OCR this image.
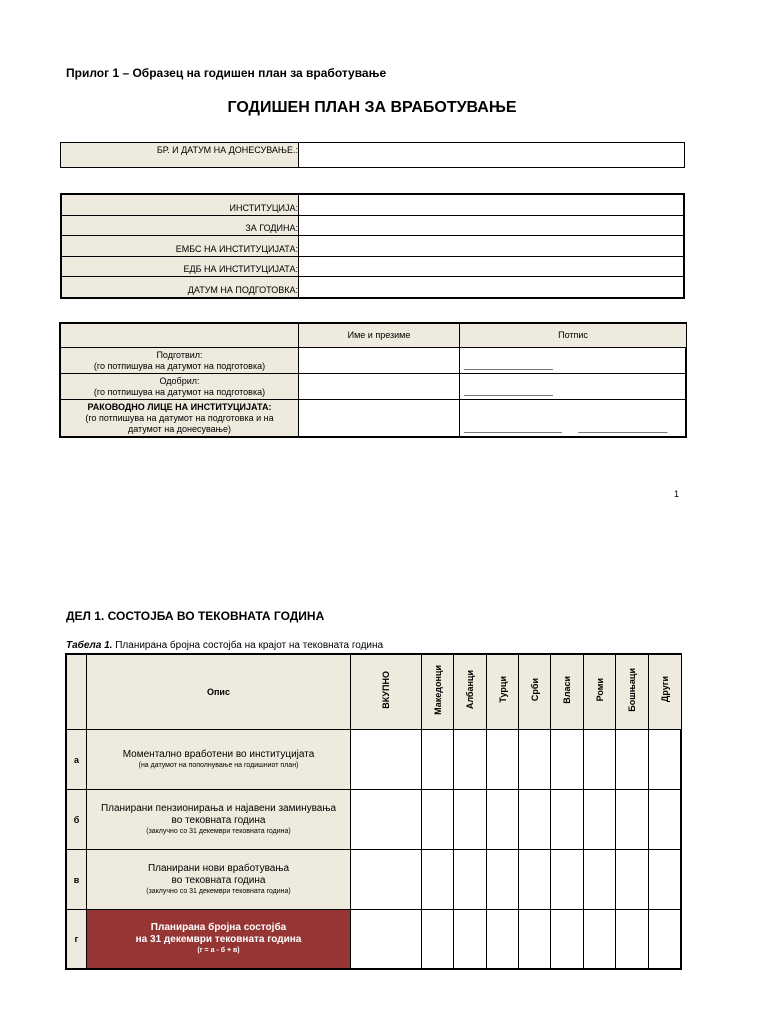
Прилог 1 – Образец на годишен план за вработување
ГОДИШЕН ПЛАН ЗА ВРАБОТУВАЊЕ
БР. И ДАТУМ НА ДОНЕСУВАЊЕ.:	
ИНСТИТУЦИЈА:	
ЗА ГОДИНА:	
ЕМБС НА ИНСТИТУЦИЈАТА:	
ЕДБ НА ИНСТИТУЦИЈАТА:	
ДАТУМ НА ПОДГОТОВКА:	
	Име и презиме	Потпис

Подготвил:
(го потпишува на датумот на подготовка)		____________________

Одобрил:
(го потпишува на датумот на подготовка)		____________________

РАКОВОДНО ЛИЦЕ НА ИНСТИТУЦИЈАТА:
(го потпишува на датумот на подготовка и на датумот на донесување)		______________________ ____________________
1
ДЕЛ 1. СОСТОЈБА ВО ТЕКОВНАТА ГОДИНА
Табела 1. Планирана бројна состојба на крајот на тековната година
	Опис	ВКУПНО	Македонци	Албанци	Турци	Срби	Власи	Роми	Бошњаци	Други
а	Моментално вработени во институцијата
(на датумот на пополнување на годишниот план)									

б	Планирани пензионирања и најавени заминувања
во тековната година
(заклучно со 31 декември тековната година)									

в	Планирани нови вработувања
во тековната година
(заклучно со 31 декември тековната година)									

г	Планирана бројна состојба
на 31 декември тековната година
(г = а - б + в)									
